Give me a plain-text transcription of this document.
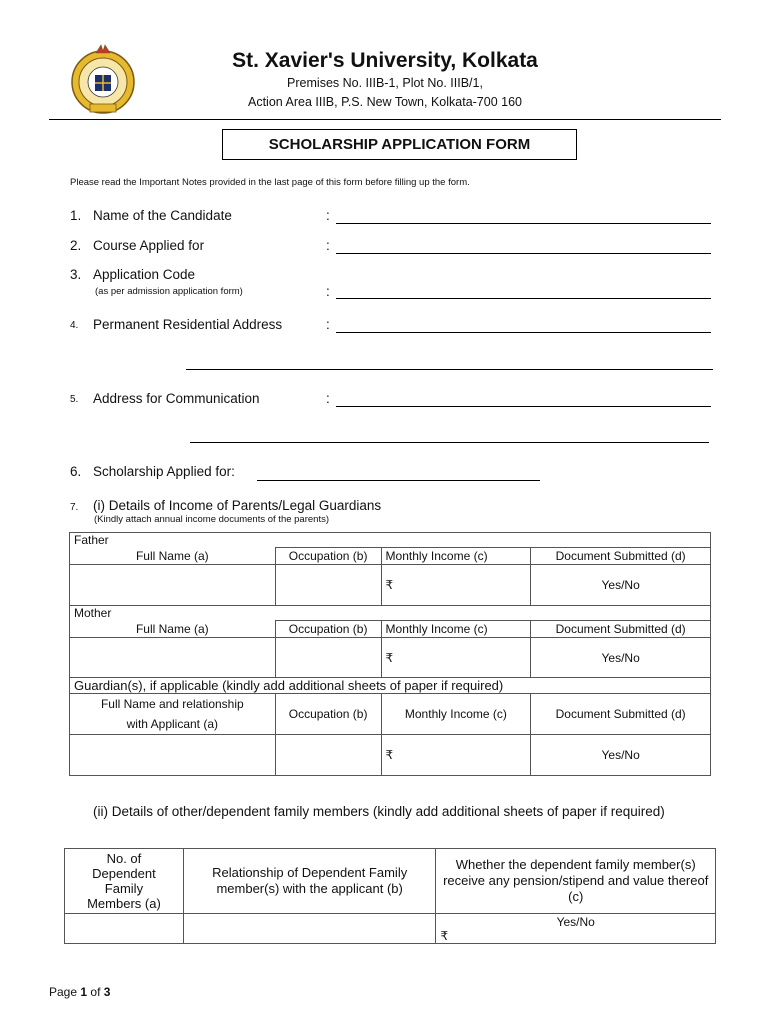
St. Xavier's University, Kolkata
Premises No. IIIB-1, Plot No. IIIB/1,
Action Area IIIB, P.S. New Town, Kolkata-700 160
SCHOLARSHIP APPLICATION FORM
Please read the Important Notes provided in the last page of this form before filling up the form.
1. Name of the Candidate	:
2. Course Applied for	:
3. Application Code
(as per admission application form)	:
4. Permanent Residential Address	:
5. Address for Communication	:
6. Scholarship Applied for:
7. (i) Details of Income of Parents/Legal Guardians
(Kindly attach annual income documents of the parents)
Father			
Full Name (a)	Occupation (b)	Monthly Income (c)	Document Submitted (d)
		₹	Yes/No
Mother			
Full Name (a)	Occupation (b)	Monthly Income (c)	Document Submitted (d)
		₹	Yes/No
Guardian(s), if applicable (kindly add additional sheets of paper if required)			

Full Name and relationship
with Applicant (a)	Occupation (b)	Monthly Income (c)	Document Submitted (d)
		₹	Yes/No
(ii) Details of other/dependent family members (kindly add additional sheets of paper if required)
No. of
Dependent
Family
Members (a)	Relationship of Dependent Family member(s) with the applicant (b)	Whether the dependent family member(s) receive any pension/stipend and value thereof (c)

		Yes/No
₹
Page 1 of 3
